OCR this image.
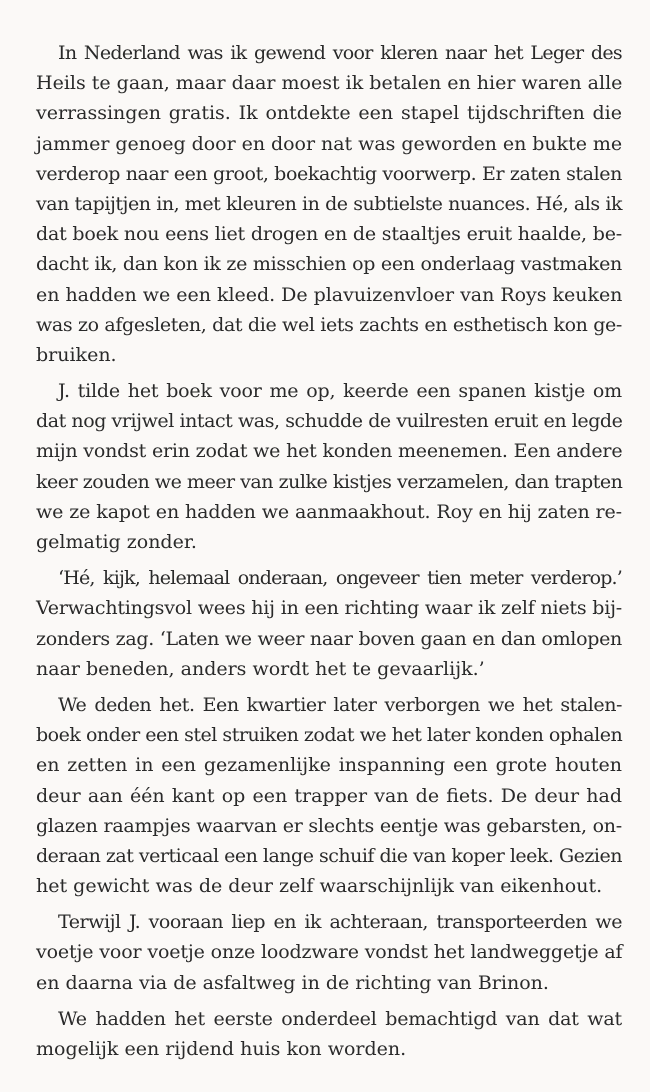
In Nederland was ik gewend voor kleren naar het Leger des
Heils te gaan, maar daar moest ik betalen en hier waren alle
verrassingen gratis. Ik ontdekte een stapel tijdschriften die
jammer genoeg door en door nat was geworden en bukte me
verderop naar een groot, boekachtig voorwerp. Er zaten stalen
van tapijtjen in, met kleuren in de subtielste nuances. Hé, als ik
dat boek nou eens liet drogen en de staaltjes eruit haalde, be-
dacht ik, dan kon ik ze misschien op een onderlaag vastmaken
en hadden we een kleed. De plavuizenvloer van Roys keuken
was zo afgesleten, dat die wel iets zachts en esthetisch kon ge-
bruiken.
J. tilde het boek voor me op, keerde een spanen kistje om
dat nog vrijwel intact was, schudde de vuilresten eruit en legde
mijn vondst erin zodat we het konden meenemen. Een andere
keer zouden we meer van zulke kistjes verzamelen, dan trapten
we ze kapot en hadden we aanmaakhout. Roy en hij zaten re-
gelmatig zonder.
‘Hé, kijk, helemaal onderaan, ongeveer tien meter verderop.’
Verwachtingsvol wees hij in een richting waar ik zelf niets bij-
zonders zag. ‘Laten we weer naar boven gaan en dan omlopen
naar beneden, anders wordt het te gevaarlijk.’
We deden het. Een kwartier later verborgen we het stalen-
boek onder een stel struiken zodat we het later konden ophalen
en zetten in een gezamenlijke inspanning een grote houten
deur aan één kant op een trapper van de fiets. De deur had
glazen raampjes waarvan er slechts eentje was gebarsten, on-
deraan zat verticaal een lange schuif die van koper leek. Gezien
het gewicht was de deur zelf waarschijnlijk van eikenhout.
Terwijl J. vooraan liep en ik achteraan, transporteerden we
voetje voor voetje onze loodzware vondst het landweggetje af
en daarna via de asfaltweg in de richting van Brinon.
We hadden het eerste onderdeel bemachtigd van dat wat
mogelijk een rijdend huis kon worden.
